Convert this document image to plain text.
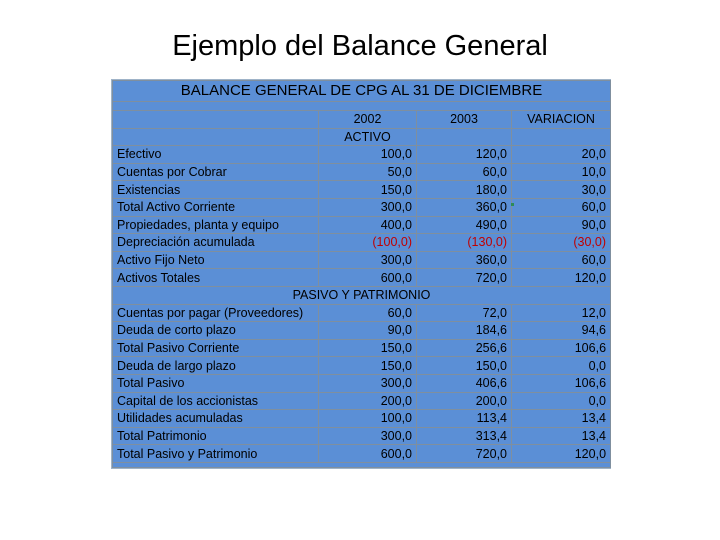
Ejemplo del Balance General
BALANCE GENERAL DE CPG AL 31 DE DICIEMBRE			

	2002	2003	VARIACION
	ACTIVO		
Efectivo	100,0	120,0	20,0
Cuentas por Cobrar	50,0	60,0	10,0
Existencias	150,0	180,0	30,0
Total Activo Corriente	300,0	360,0	60,0
Propiedades, planta y equipo	400,0	490,0	90,0
Depreciación acumulada	(100,0)	(130,0)	(30,0)
Activo Fijo Neto	300,0	360,0	60,0
Activos Totales	600,0	720,0	120,0
PASIVO Y PATRIMONIO			
Cuentas por pagar (Proveedores)	60,0	72,0	12,0
Deuda de corto plazo	90,0	184,6	94,6
Total Pasivo Corriente	150,0	256,6	106,6
Deuda de largo plazo	150,0	150,0	0,0
Total Pasivo	300,0	406,6	106,6
Capital de los accionistas	200,0	200,0	0,0
Utilidades acumuladas	100,0	113,4	13,4
Total Patrimonio	300,0	313,4	13,4
Total Pasivo y Patrimonio	600,0	720,0	120,0
